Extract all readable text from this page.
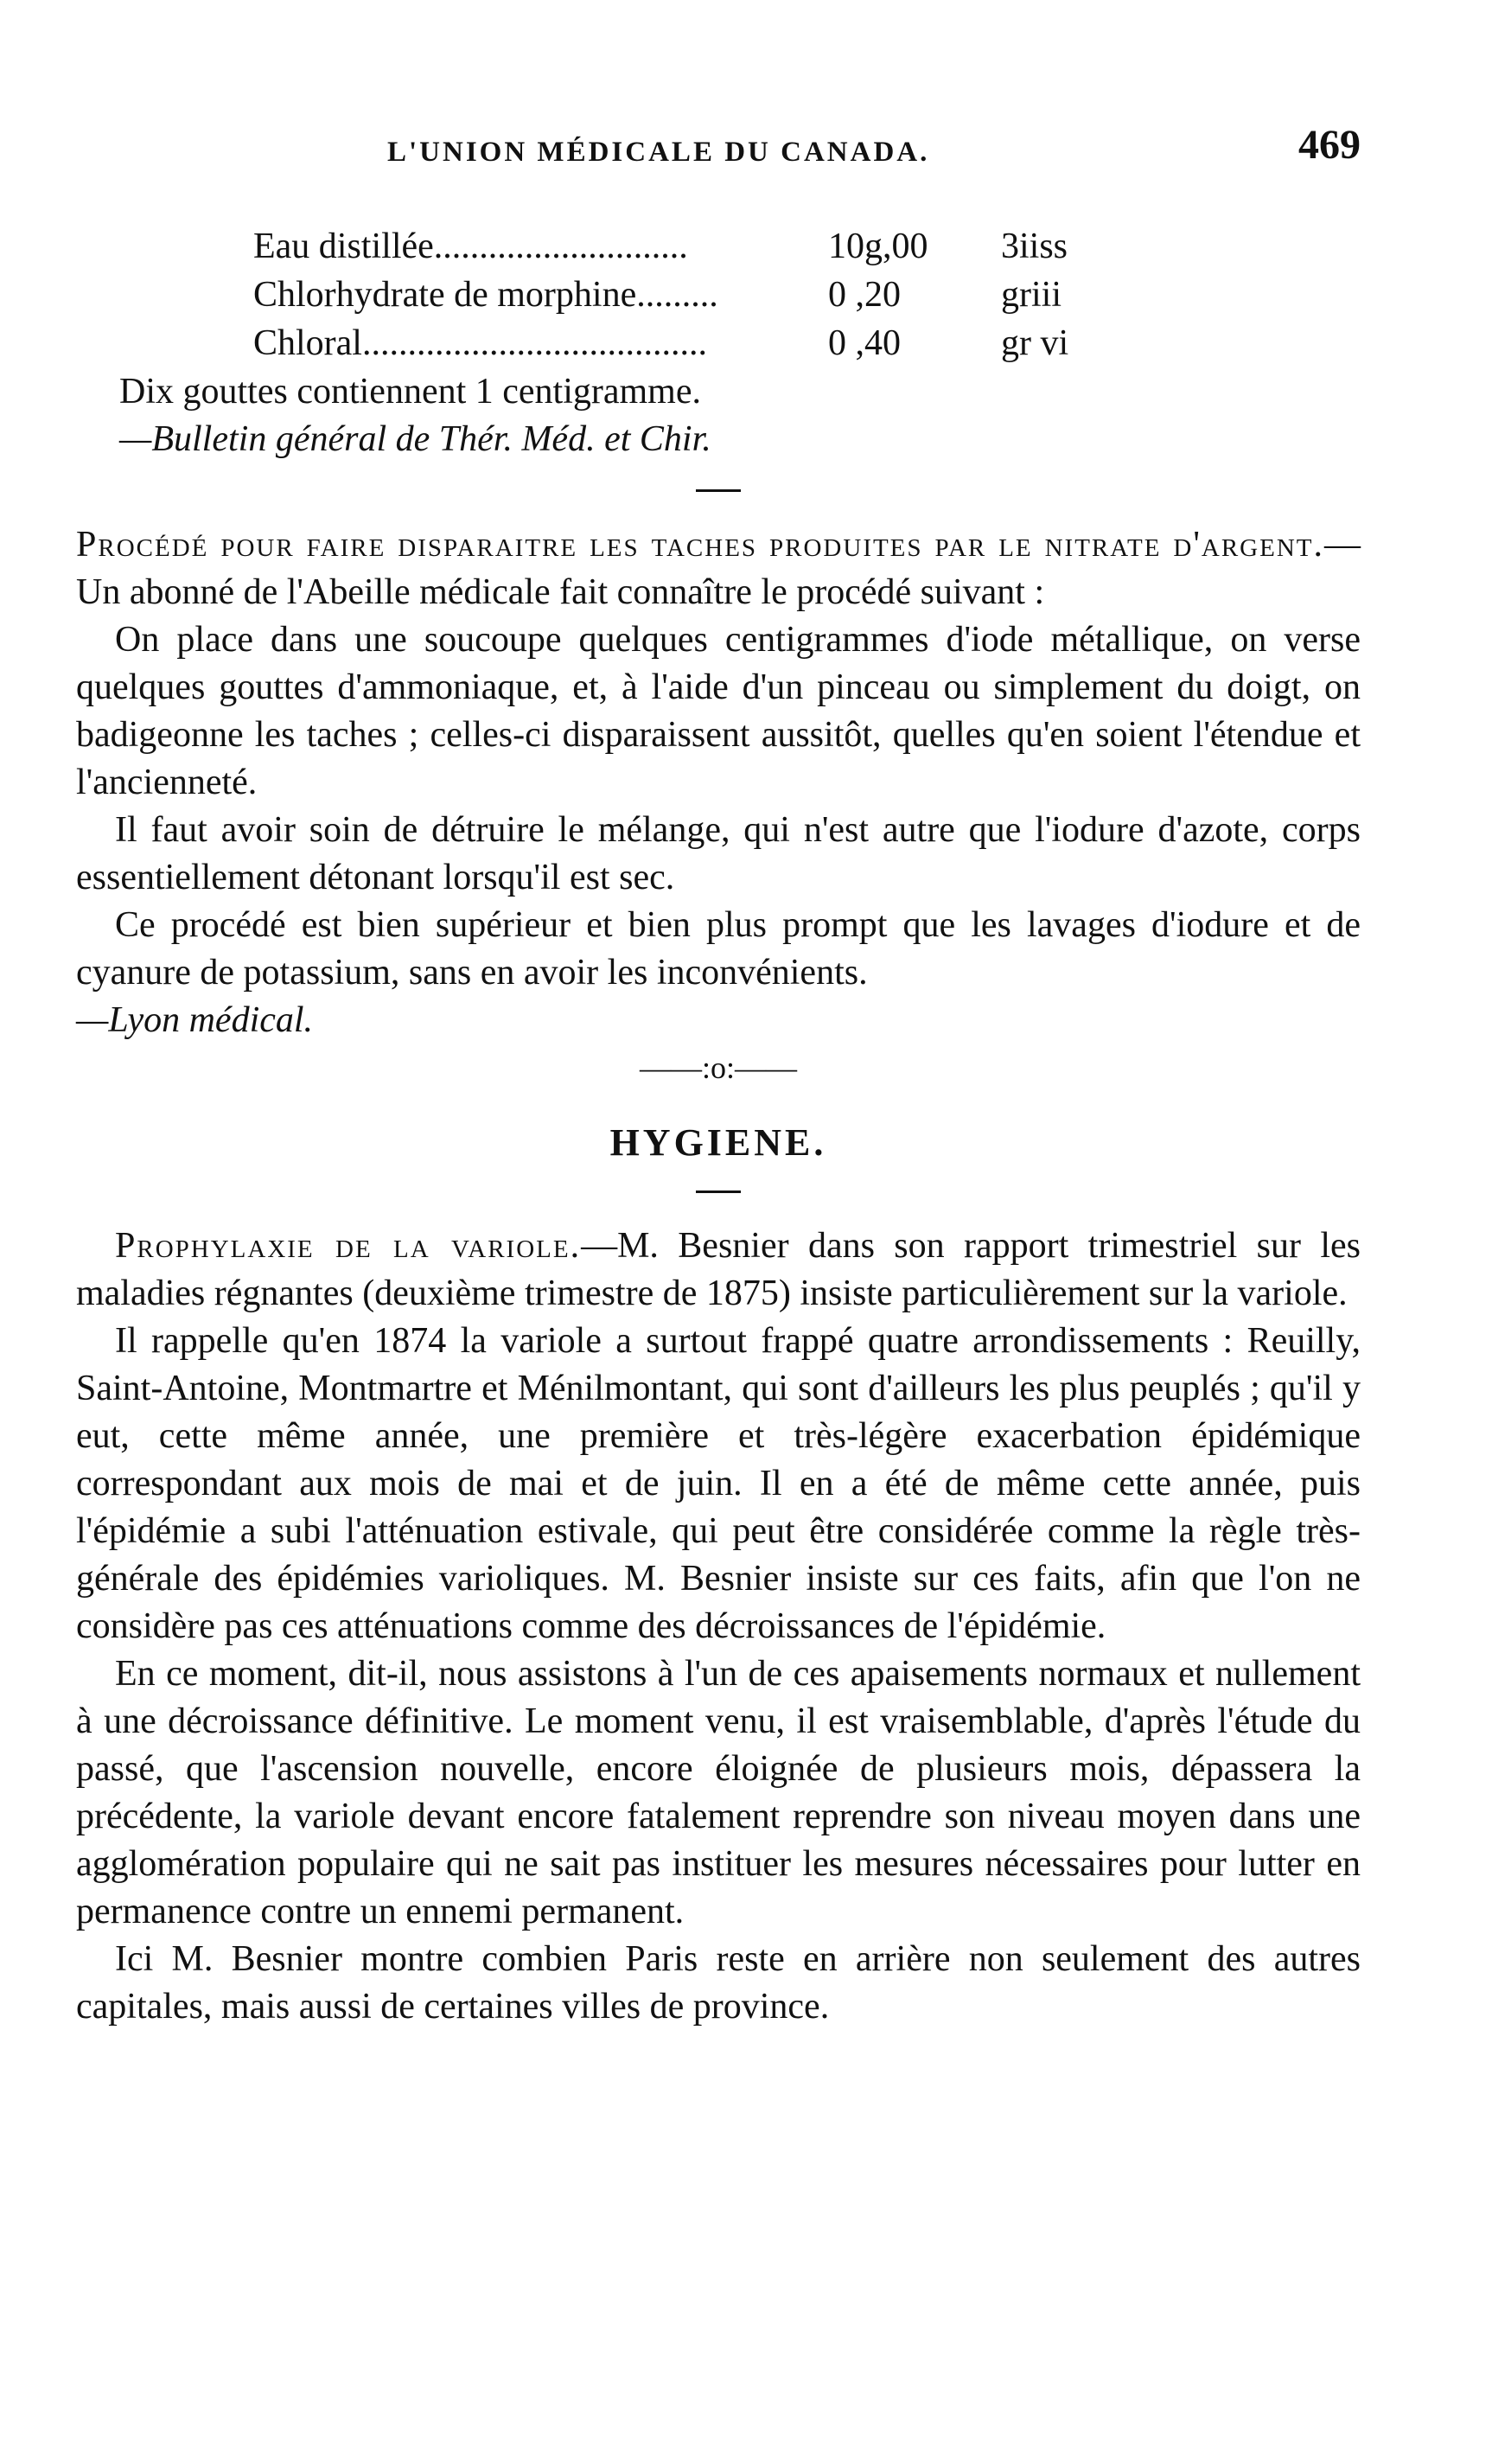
L'UNION MÉDICALE DU CANADA.	469
Eau distillée............................	10g,00	3iiss
Chlorhydrate de morphine.........	0 ,20	griii
Chloral......................................	0 ,40	gr vi

Dix gouttes contiennent 1 centigramme.

—Bulletin général de Thér. Méd. et Chir.

Procédé pour faire disparaitre les taches produites par le nitrate d'argent.—Un abonné de l'Abeille médicale fait connaître le procédé suivant :

On place dans une soucoupe quelques centigrammes d'iode métallique, on verse quelques gouttes d'ammoniaque, et, à l'aide d'un pinceau ou simplement du doigt, on badigeonne les taches ; celles-ci disparaissent aussitôt, quelles qu'en soient l'étendue et l'ancienneté.

Il faut avoir soin de détruire le mélange, qui n'est autre que l'iodure d'azote, corps essentiellement détonant lorsqu'il est sec.

Ce procédé est bien supérieur et bien plus prompt que les lavages d'iodure et de cyanure de potassium, sans en avoir les inconvénients.

—Lyon médical.

——:o:——
HYGIENE.

Prophylaxie de la variole.—M. Besnier dans son rapport trimestriel sur les maladies régnantes (deuxième trimestre de 1875) insiste particulièrement sur la variole.

Il rappelle qu'en 1874 la variole a surtout frappé quatre arrondissements : Reuilly, Saint-Antoine, Montmartre et Ménilmontant, qui sont d'ailleurs les plus peuplés ; qu'il y eut, cette même année, une première et très-légère exacerbation épidémique correspondant aux mois de mai et de juin. Il en a été de même cette année, puis l'épidémie a subi l'atténuation estivale, qui peut être considérée comme la règle très-générale des épidémies varioliques. M. Besnier insiste sur ces faits, afin que l'on ne considère pas ces atténuations comme des décroissances de l'épidémie.

En ce moment, dit-il, nous assistons à l'un de ces apaisements normaux et nullement à une décroissance définitive. Le moment venu, il est vraisemblable, d'après l'étude du passé, que l'ascension nouvelle, encore éloignée de plusieurs mois, dépassera la précédente, la variole devant encore fatalement reprendre son niveau moyen dans une agglomération populaire qui ne sait pas instituer les mesures nécessaires pour lutter en permanence contre un ennemi permanent.

Ici M. Besnier montre combien Paris reste en arrière non seulement des autres capitales, mais aussi de certaines villes de province.
